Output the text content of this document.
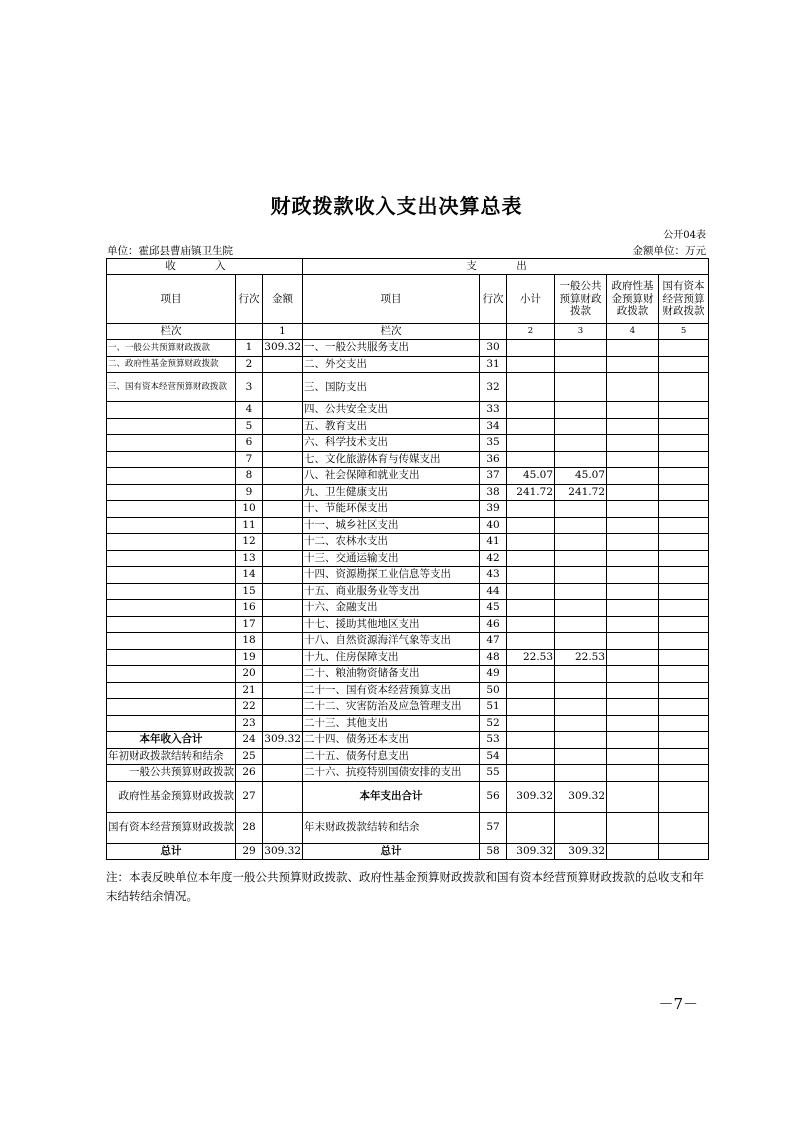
财政拨款收入支出决算总表
公开04表
单位：霍邱县曹庙镇卫生院	金额单位：万元
收 入			支 出					
项目	行次	金额	项目	行次	小计	一般公共预算财政拨款	政府性基金预算财政拨款	国有资本经营预算财政拨款
栏次		1	栏次		2	3	4	5
一、一般公共预算财政拨款	1	309.32	一、一般公共服务支出	30				
二、政府性基金预算财政拨款	2		二、外交支出	31				
三、国有资本经营预算财政拨款	3		三、国防支出	32				
	4		四、公共安全支出	33				
	5		五、教育支出	34				
	6		六、科学技术支出	35				
	7		七、文化旅游体育与传媒支出	36				
	8		八、社会保障和就业支出	37	45.07	45.07		
	9		九、卫生健康支出	38	241.72	241.72		
	10		十、节能环保支出	39				
	11		十一、城乡社区支出	40				
	12		十二、农林水支出	41				
	13		十三、交通运输支出	42				
	14		十四、资源勘探工业信息等支出	43				
	15		十五、商业服务业等支出	44				
	16		十六、金融支出	45				
	17		十七、援助其他地区支出	46				
	18		十八、自然资源海洋气象等支出	47				
	19		十九、住房保障支出	48	22.53	22.53		
	20		二十、粮油物资储备支出	49				
	21		二十一、国有资本经营预算支出	50				
	22		二十二、灾害防治及应急管理支出	51				
	23		二十三、其他支出	52				
本年收入合计	24	309.32	二十四、债务还本支出	53				
年初财政拨款结转和结余	25		二十五、债务付息支出	54				
一般公共预算财政拨款	26		二十六、抗疫特别国债安排的支出	55				
政府性基金预算财政拨款	27		本年支出合计	56	309.32	309.32		
国有资本经营预算财政拨款	28		年末财政拨款结转和结余	57				
总计	29	309.32	总计	58	309.32	309.32		
注：本表反映单位本年度一般公共预算财政拨款、政府性基金预算财政拨款和国有资本经营预算财政拨款的总收支和年末结转结余情况。
－7－
